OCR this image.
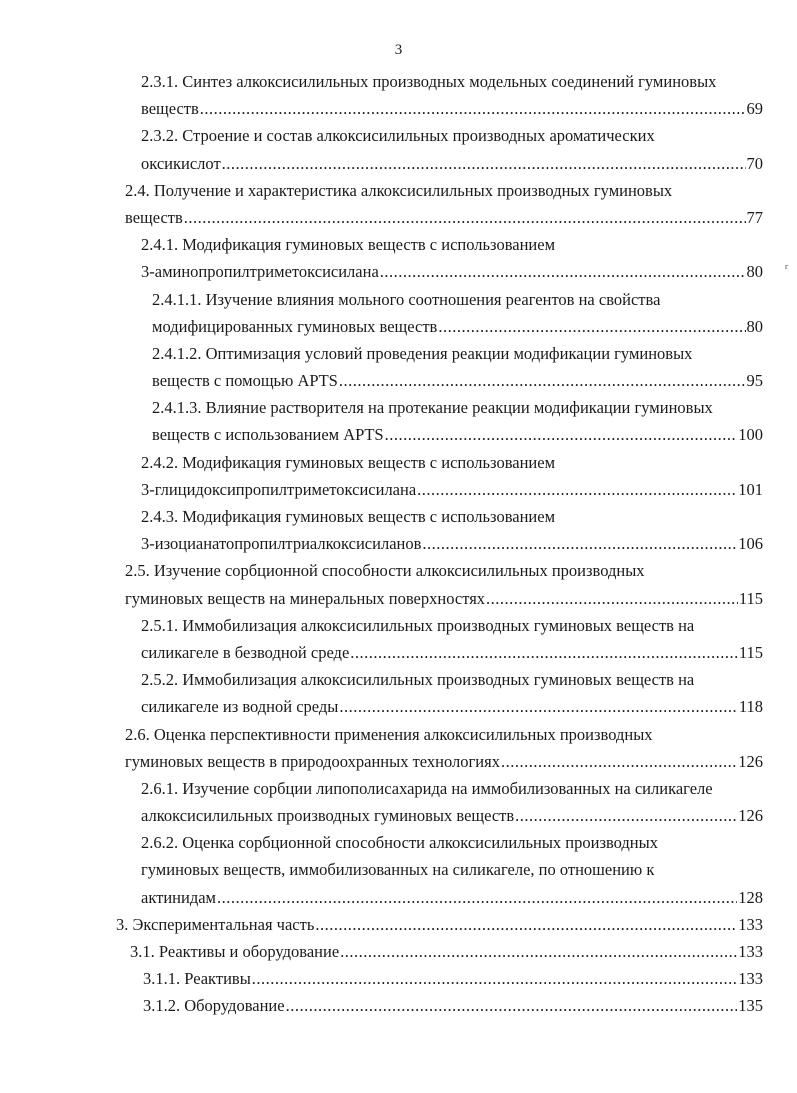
3
г
2.3.1. Синтез алкоксисилильных производных модельных соединений гуминовых
веществ .....	69
2.3.2. Строение и состав алкоксисилильных производных ароматических
оксикислот .....	70
2.4. Получение и характеристика алкоксисилильных производных гуминовых
веществ .....	77
2.4.1. Модификация гуминовых веществ с использованием
3-аминопропилтриметоксисилана .....	80
2.4.1.1. Изучение влияния мольного соотношения реагентов на свойства
модифицированных гуминовых веществ .....	80
2.4.1.2. Оптимизация условий проведения реакции модификации гуминовых
веществ с помощью APTS .....	95
2.4.1.3. Влияние растворителя на протекание реакции модификации гуминовых
веществ с использованием APTS .....	100
2.4.2. Модификация гуминовых веществ с использованием
3-глицидоксипропилтриметоксисилана .....	101
2.4.3. Модификация гуминовых веществ с использованием
3-изоцианатопропилтриалкоксисиланов .....	106
2.5. Изучение сорбционной способности алкоксисилильных производных
гуминовых веществ на минеральных поверхностях .....	115
2.5.1. Иммобилизация алкоксисилильных производных гуминовых веществ на
силикагеле в безводной среде .....	115
2.5.2. Иммобилизация алкоксисилильных производных гуминовых веществ на
силикагеле из водной среды .....	118
2.6. Оценка перспективности применения алкоксисилильных производных
гуминовых веществ в природоохранных технологиях .....	126
2.6.1. Изучение сорбции липополисахарида на иммобилизованных на силикагеле
алкоксисилильных производных гуминовых веществ .....	126
2.6.2. Оценка сорбционной способности алкоксисилильных производных
гуминовых веществ, иммобилизованных на силикагеле, по отношению к
актинидам .....	128
3. Экспериментальная часть .....	133
3.1. Реактивы и оборудование .....	133
3.1.1. Реактивы .....	133
3.1.2. Оборудование .....	135
